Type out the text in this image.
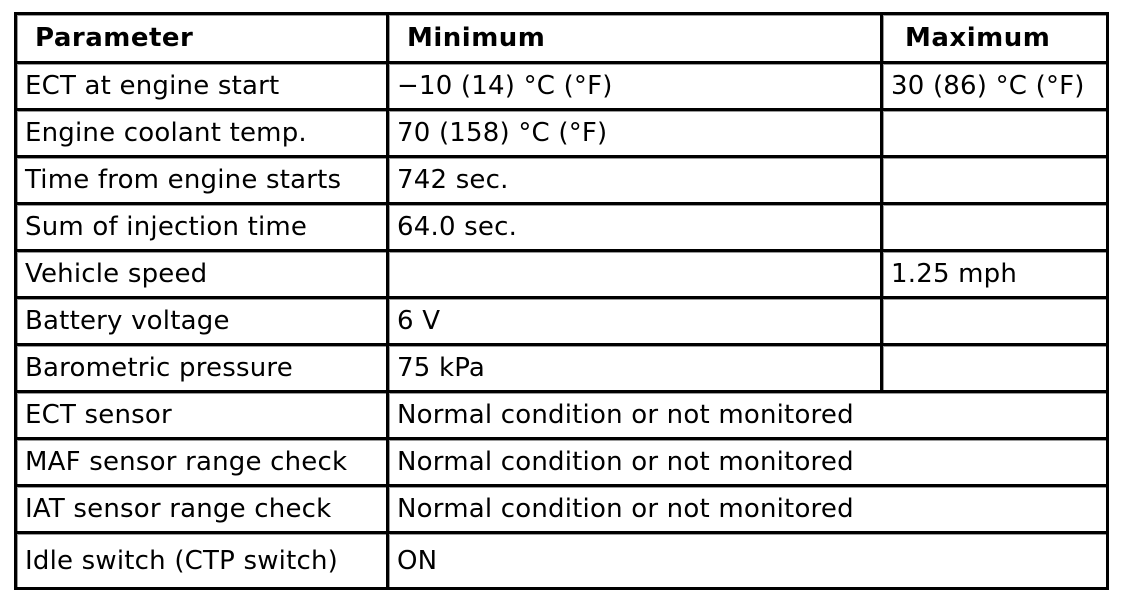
Parameter	Minimum	Maximum
ECT at engine start	−10 (14) °C (°F)	30 (86) °C (°F)
Engine coolant temp.	70 (158) °C (°F)	
Time from engine starts	742 sec.	
Sum of injection time	64.0 sec.	
Vehicle speed		1.25 mph
Battery voltage	6 V	
Barometric pressure	75 kPa	
ECT sensor	Normal condition or not monitored	
MAF sensor range check	Normal condition or not monitored	
IAT sensor range check	Normal condition or not monitored	
Idle switch (CTP switch)	ON	
